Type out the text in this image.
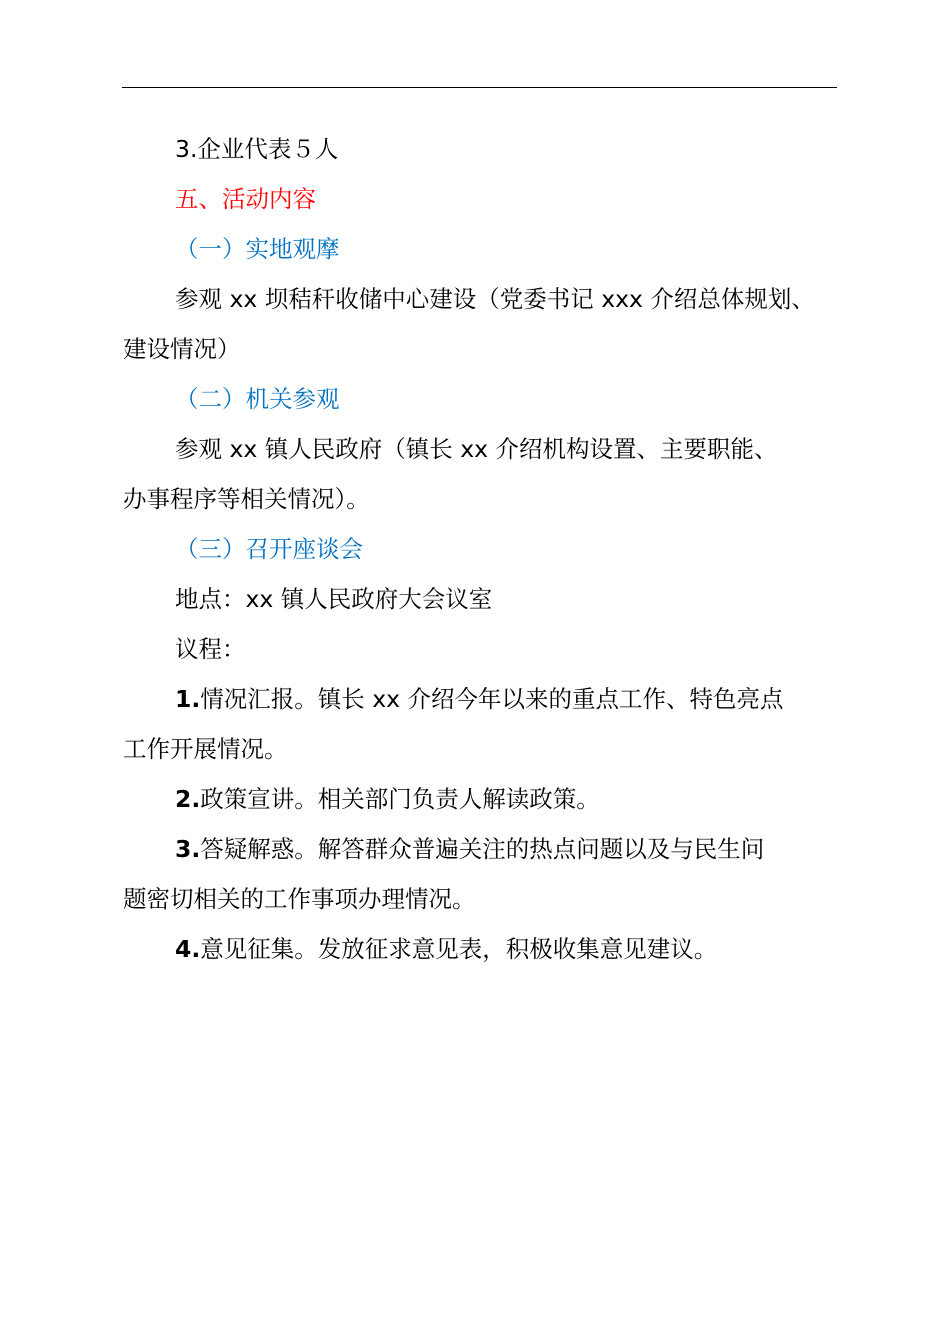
3.企业代表５人

五、活动内容

（一）实地观摩

参观 xx 坝秸秆收储中心建设（党委书记 xxx 介绍总体规划、

建设情况）

（二）机关参观

参观 xx 镇人民政府（镇长 xx 介绍机构设置、主要职能、

办事程序等相关情况）。

（三）召开座谈会

地点：xx 镇人民政府大会议室

议程：

1.情况汇报。镇长 xx 介绍今年以来的重点工作、特色亮点

工作开展情况。

2.政策宣讲。相关部门负责人解读政策。

3.答疑解惑。解答群众普遍关注的热点问题以及与民生问

题密切相关的工作事项办理情况。

4.意见征集。发放征求意见表，积极收集意见建议。
